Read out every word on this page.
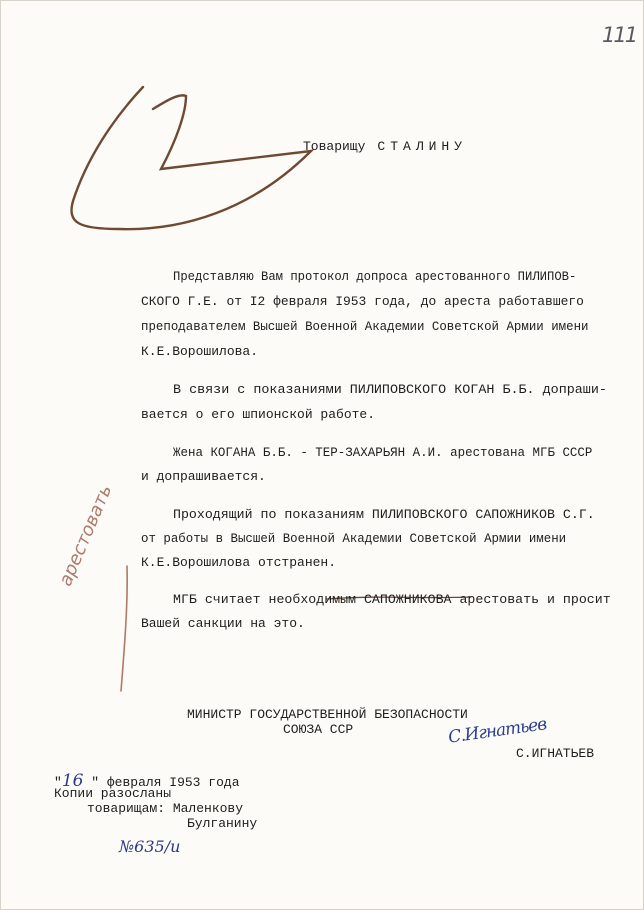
111
Товарищу СТАЛИНУ
Представляю Вам протокол допроса арестованного ПИЛИПОВ-
СКОГО Г.Е. от I2 февраля I953 года, до ареста работавшего
преподавателем Высшей Военной Академии Советской Армии имени
К.Е.Ворошилова.
В связи с показаниями ПИЛИПОВСКОГО КОГАН Б.Б. допраши-
вается о его шпионской работе.
Жена КОГАНА Б.Б. - ТЕР-ЗАХАРЬЯН А.И. арестована МГБ СССР
и допрашивается.
Проходящий по показаниям ПИЛИПОВСКОГО САПОЖНИКОВ С.Г.
от работы в Высшей Военной Академии Советской Армии имени
К.Е.Ворошилова отстранен.
МГБ считает необходимым САПОЖНИКОВА арестовать и просит
Вашей санкции на это.
арестовать
МИНИСТР ГОСУДАРСТВЕННОЙ БЕЗОПАСНОСТИ
СОЮЗА ССР	С.Игнатьев
С.ИГНАТЬЕВ
"16 " февраля I953 года
Копии разосланы
товарищам: Маленкову
Булганину
№635/и
